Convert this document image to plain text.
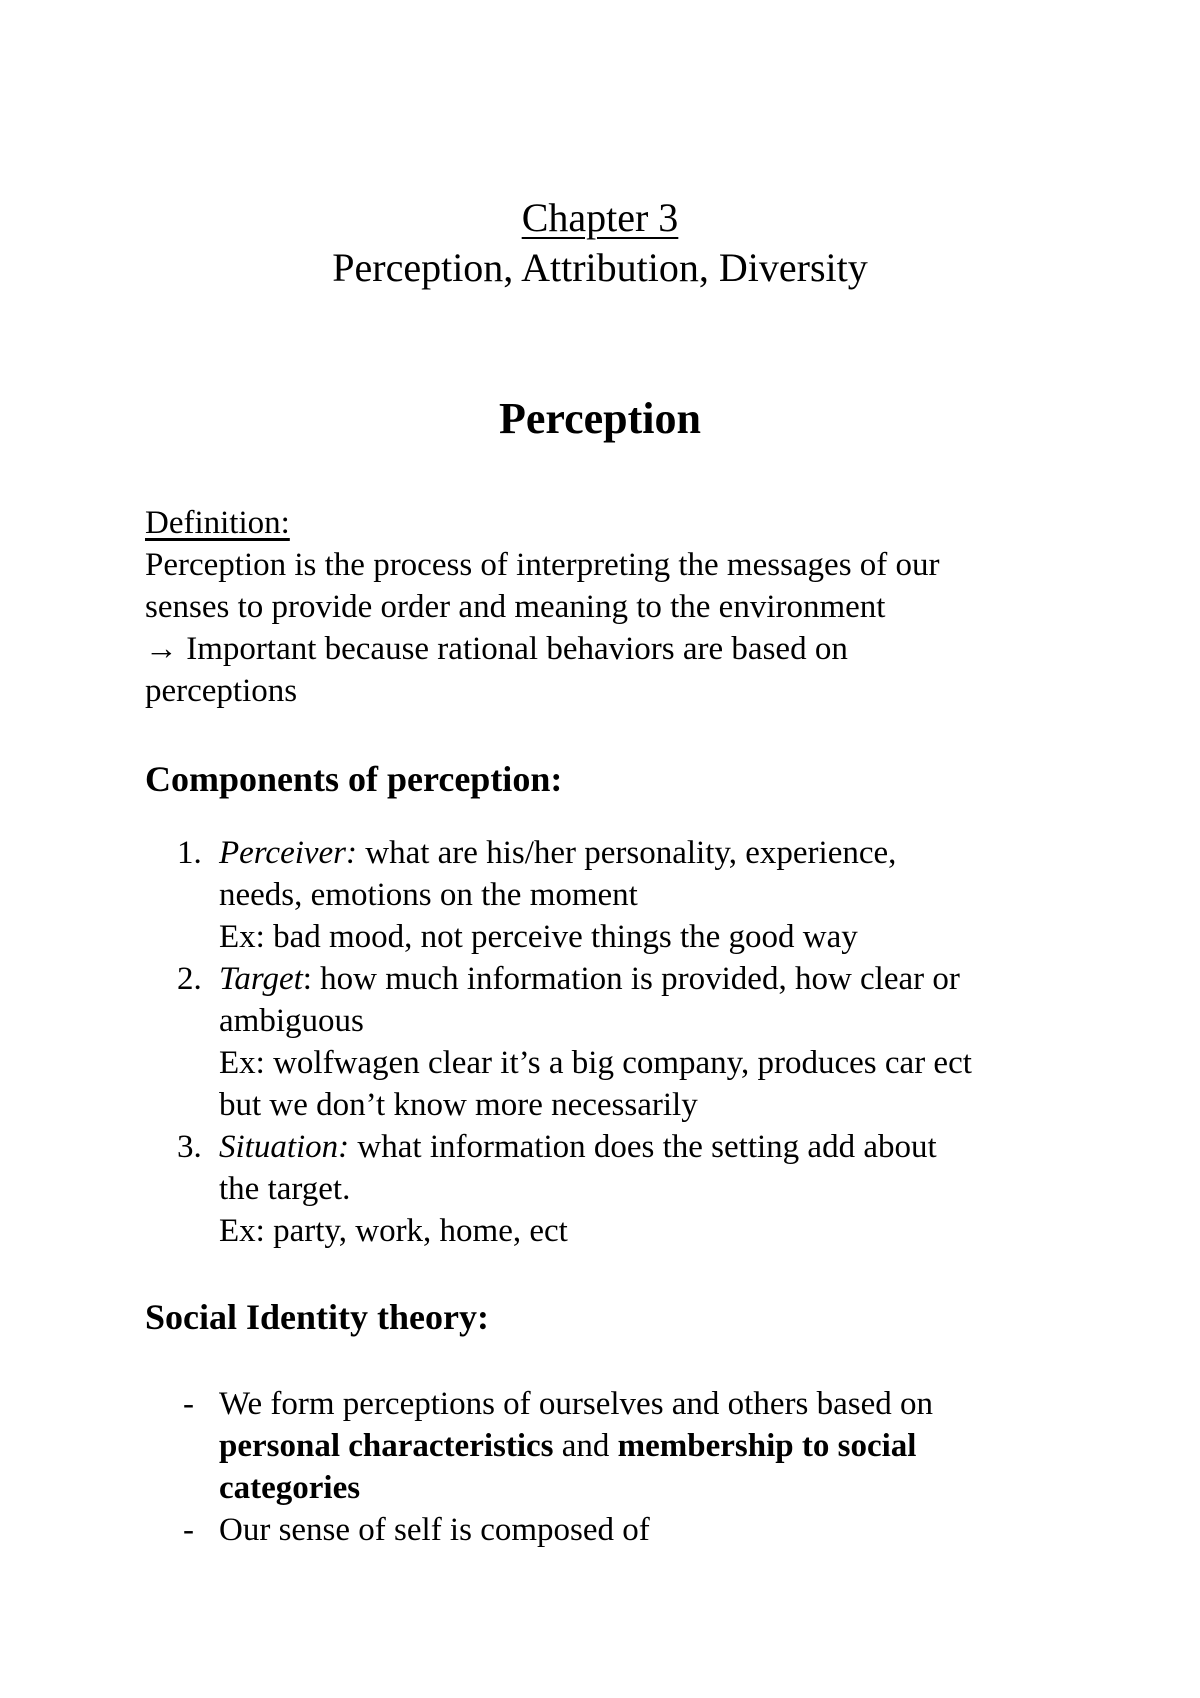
Chapter 3
Perception, Attribution, Diversity
Perception
Definition:
Perception is the process of interpreting the messages of our
senses to provide order and meaning to the environment
→ Important because rational behaviors are based on
perceptions
Components of perception:
1. Perceiver: what are his/her personality, experience,
needs, emotions on the moment
Ex: bad mood, not perceive things the good way
2. Target: how much information is provided, how clear or
ambiguous
Ex: wolfwagen clear it’s a big company, produces car ect
but we don’t know more necessarily
3. Situation: what information does the setting add about
the target.
Ex: party, work, home, ect
Social Identity theory:
- We form perceptions of ourselves and others based on
personal characteristics and membership to social
categories
- Our sense of self is composed of
